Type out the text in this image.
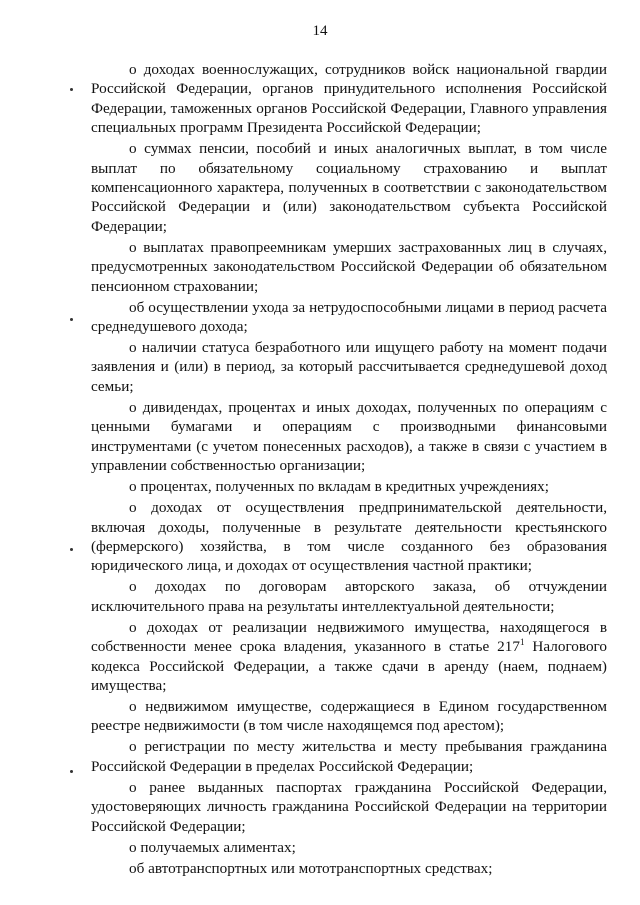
14

о доходах военнослужащих, сотрудников войск национальной гвардии Российской Федерации, органов принудительного исполнения Российской Федерации, таможенных органов Российской Федерации, Главного управления специальных программ Президента Российской Федерации;

о суммах пенсии, пособий и иных аналогичных выплат, в том числе выплат по обязательному социальному страхованию и выплат компенсационного характера, полученных в соответствии с законодательством Российской Федерации и (или) законодательством субъекта Российской Федерации;

о выплатах правопреемникам умерших застрахованных лиц в случаях, предусмотренных законодательством Российской Федерации об обязательном пенсионном страховании;

об осуществлении ухода за нетрудоспособными лицами в период расчета среднедушевого дохода;

о наличии статуса безработного или ищущего работу на момент подачи заявления и (или) в период, за который рассчитывается среднедушевой доход семьи;

о дивидендах, процентах и иных доходах, полученных по операциям с ценными бумагами и операциям с производными финансовыми инструментами (с учетом понесенных расходов), а также в связи с участием в управлении собственностью организации;

о процентах, полученных по вкладам в кредитных учреждениях;

о доходах от осуществления предпринимательской деятельности, включая доходы, полученные в результате деятельности крестьянского (фермерского) хозяйства, в том числе созданного без образования юридического лица, и доходах от осуществления частной практики;

о доходах по договорам авторского заказа, об отчуждении исключительного права на результаты интеллектуальной деятельности;

о доходах от реализации недвижимого имущества, находящегося в собственности менее срока владения, указанного в статье $217^1$ Налогового кодекса Российской Федерации, а также сдачи в аренду (наем, поднаем) имущества;

о недвижимом имуществе, содержащиеся в Едином государственном реестре недвижимости (в том числе находящемся под арестом);

о регистрации по месту жительства и месту пребывания гражданина Российской Федерации в пределах Российской Федерации;

о ранее выданных паспортах гражданина Российской Федерации, удостоверяющих личность гражданина Российской Федерации на территории Российской Федерации;

о получаемых алиментах;

об автотранспортных или мототранспортных средствах;
